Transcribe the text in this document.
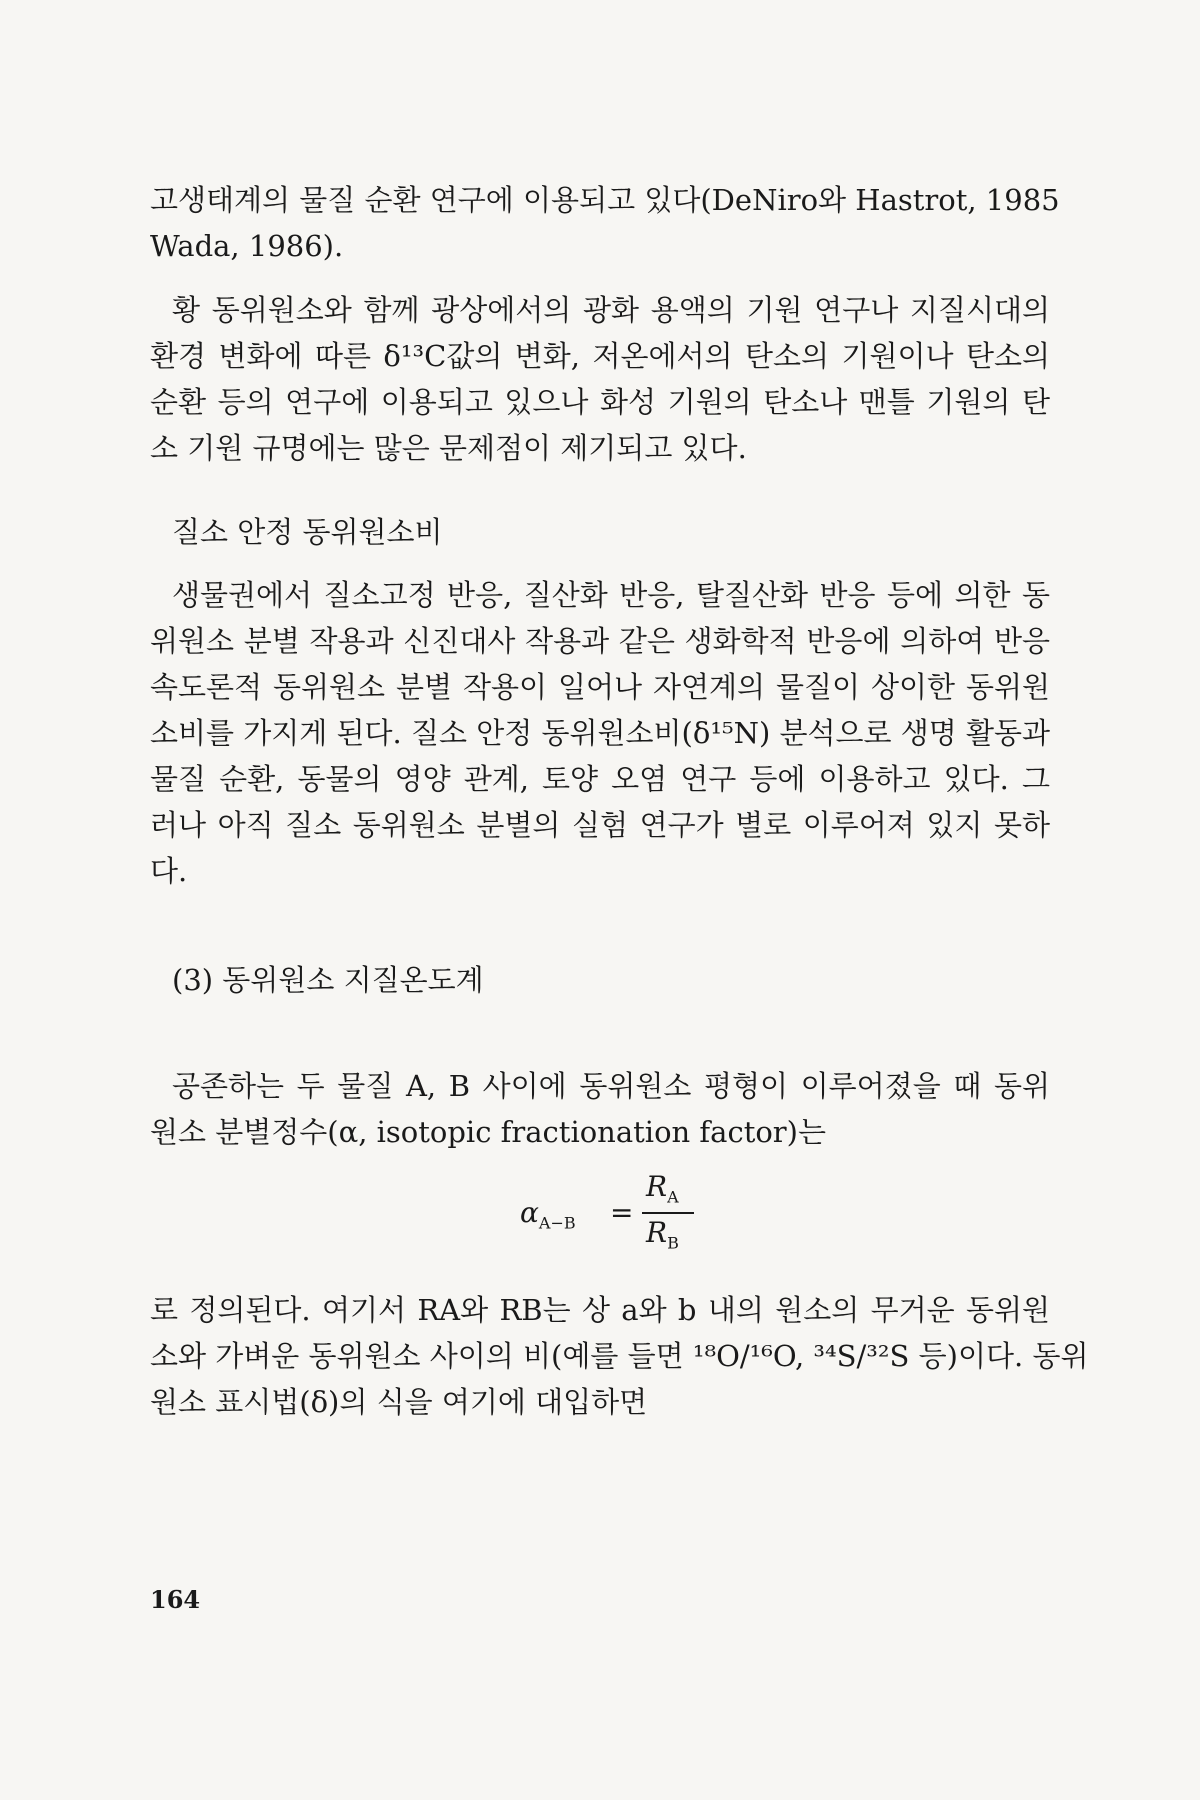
고생태계의 물질 순환 연구에 이용되고 있다(DeNiro와 Hastrot, 1985
Wada, 1986).
황 동위원소와 함께 광상에서의 광화 용액의 기원 연구나 지질시대의
환경 변화에 따른 δ¹³C값의 변화, 저온에서의 탄소의 기원이나 탄소의
순환 등의 연구에 이용되고 있으나 화성 기원의 탄소나 맨틀 기원의 탄
소 기원 규명에는 많은 문제점이 제기되고 있다.
질소 안정 동위원소비
생물권에서 질소고정 반응, 질산화 반응, 탈질산화 반응 등에 의한 동
위원소 분별 작용과 신진대사 작용과 같은 생화학적 반응에 의하여 반응
속도론적 동위원소 분별 작용이 일어나 자연계의 물질이 상이한 동위원
소비를 가지게 된다. 질소 안정 동위원소비(δ¹⁵N) 분석으로 생명 활동과
물질 순환, 동물의 영양 관계, 토양 오염 연구 등에 이용하고 있다. 그
러나 아직 질소 동위원소 분별의 실험 연구가 별로 이루어져 있지 못하
다.
(3) 동위원소 지질온도계
공존하는 두 물질 A, B 사이에 동위원소 평형이 이루어졌을 때 동위
원소 분별정수(α, isotopic fractionation factor)는
$\alpha_{A-B}$ =
$R_A$
$R_B$
로 정의된다. 여기서 RA와 RB는 상 a와 b 내의 원소의 무거운 동위원
소와 가벼운 동위원소 사이의 비(예를 들면 ¹⁸O/¹⁶O, ³⁴S/³²S 등)이다. 동위
원소 표시법(δ)의 식을 여기에 대입하면
164
